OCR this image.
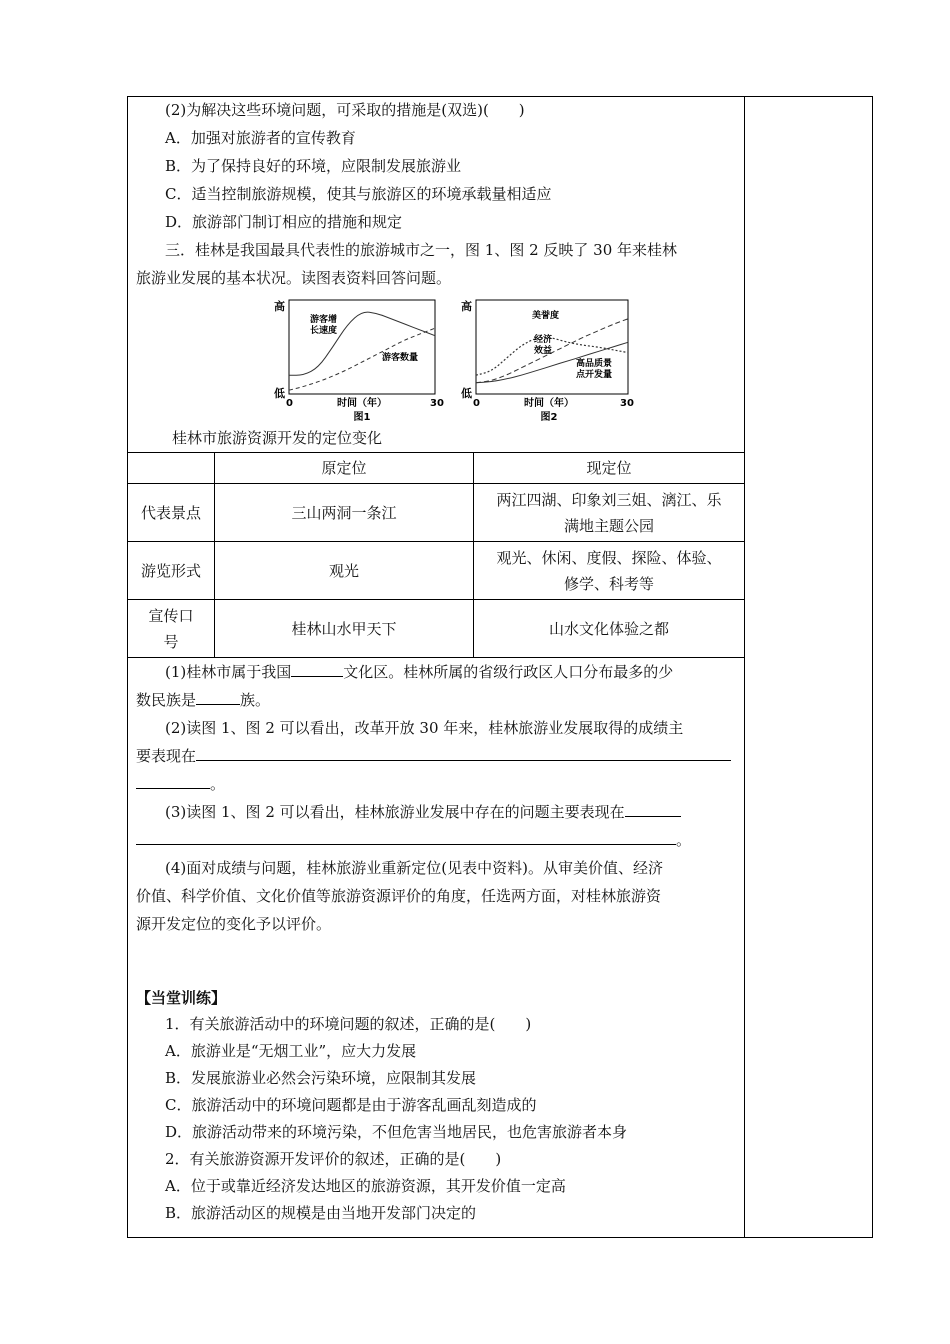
(2)为解决这些环境问题，可采取的措施是(双选)(　　)
A．加强对旅游者的宣传教育
B．为了保持良好的环境，应限制发展旅游业
C．适当控制旅游规模，使其与旅游区的环境承载量相适应
D．旅游部门制订相应的措施和规定
三．桂林是我国最具代表性的旅游城市之一，图 1、图 2 反映了 30 年来桂林
旅游业发展的基本状况。读图表资料回答问题。
高
低
0	30
时间（年）
图1
游客增
长速度
游客数量
高
低
0	30
时间（年）
图2
美誉度
经济
效益
高品质景
点开发量
桂林市旅游资源开发的定位变化
	原定位	现定位
代表景点	三山两洞一条江	两江四湖、印象刘三姐、漓江、乐
满地主题公园
游览形式	观光	观光、休闲、度假、探险、体验、
修学、科考等
宣传口
号	桂林山水甲天下	山水文化体验之都
(1)桂林市属于我国	文化区。桂林所属的省级行政区人口分布最多的少
数民族是	族。
(2)读图 1、图 2 可以看出，改革开放 30 年来，桂林旅游业发展取得的成绩主
要表现在
。
(3)读图 1、图 2 可以看出，桂林旅游业发展中存在的问题主要表现在
。
(4)面对成绩与问题，桂林旅游业重新定位(见表中资料)。从审美价值、经济
价值、科学价值、文化价值等旅游资源评价的角度，任选两方面，对桂林旅游资
源开发定位的变化予以评价。
【当堂训练】
1．有关旅游活动中的环境问题的叙述，正确的是(　　)
A．旅游业是“无烟工业”，应大力发展
B．发展旅游业必然会污染环境，应限制其发展
C．旅游活动中的环境问题都是由于游客乱画乱刻造成的
D．旅游活动带来的环境污染，不但危害当地居民，也危害旅游者本身
2．有关旅游资源开发评价的叙述，正确的是(　　)
A．位于或靠近经济发达地区的旅游资源，其开发价值一定高
B．旅游活动区的规模是由当地开发部门决定的
